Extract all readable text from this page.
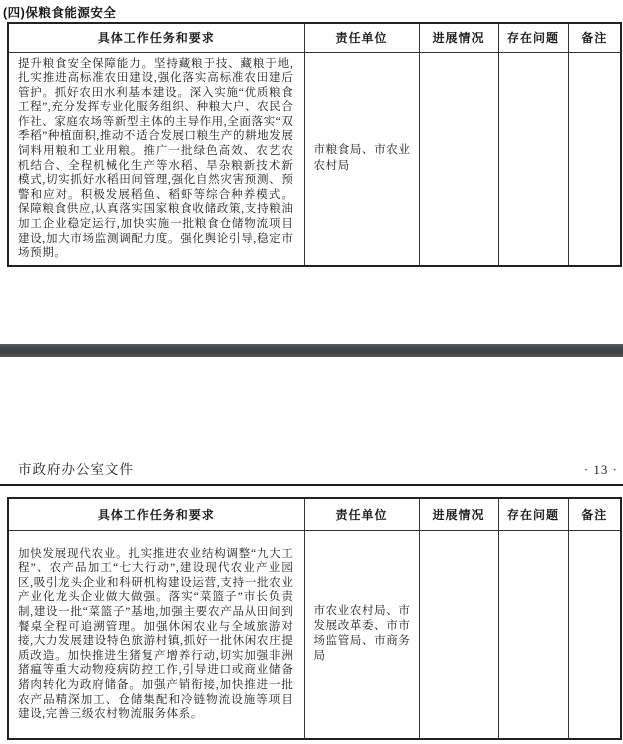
(四)保粮食能源安全
具体工作任务和要求	责任单位	进展情况	存在问题	备注
提升粮食安全保障能力。坚持藏粮于技、藏粮于地,扎实推进高标准农田建设,强化落实高标准农田建后管护。抓好农田水利基本建设。深入实施“优质粮食工程”,充分发挥专业化服务组织、种粮大户、农民合作社、家庭农场等新型主体的主导作用,全面落实“双季稻”种植面积,推动不适合发展口粮生产的耕地发展饲料用粮和工业用粮。推广一批绿色高效、农艺农机结合、全程机械化生产等水稻、旱杂粮新技术新模式,切实抓好水稻田间管理,强化自然灾害预测、预警和应对。积极发展稻鱼、稻虾等综合种养模式。保障粮食供应,认真落实国家粮食收储政策,支持粮油加工企业稳定运行,加快实施一批粮食仓储物流项目建设,加大市场监测调配力度。强化舆论引导,稳定市场预期。	市粮食局、市农业农村局			
市政府办公室文件	· 13 ·
具体工作任务和要求	责任单位	进展情况	存在问题	备注
加快发展现代农业。扎实推进农业结构调整“九大工程”、农产品加工“七大行动”,建设现代农业产业园区,吸引龙头企业和科研机构建设运营,支持一批农业产业化龙头企业做大做强。落实“菜篮子”市长负责制,建设一批“菜篮子”基地,加强主要农产品从田间到餐桌全程可追溯管理。加强休闲农业与全域旅游对接,大力发展建设特色旅游村镇,抓好一批休闲农庄提质改造。加快推进生猪复产增养行动,切实加强非洲猪瘟等重大动物疫病防控工作,引导进口或商业储备猪肉转化为政府储备。加强产销衔接,加快推进一批农产品精深加工、仓储集配和冷链物流设施等项目建设,完善三级农村物流服务体系。	市农业农村局、市发展改革委、市市场监管局、市商务局			
